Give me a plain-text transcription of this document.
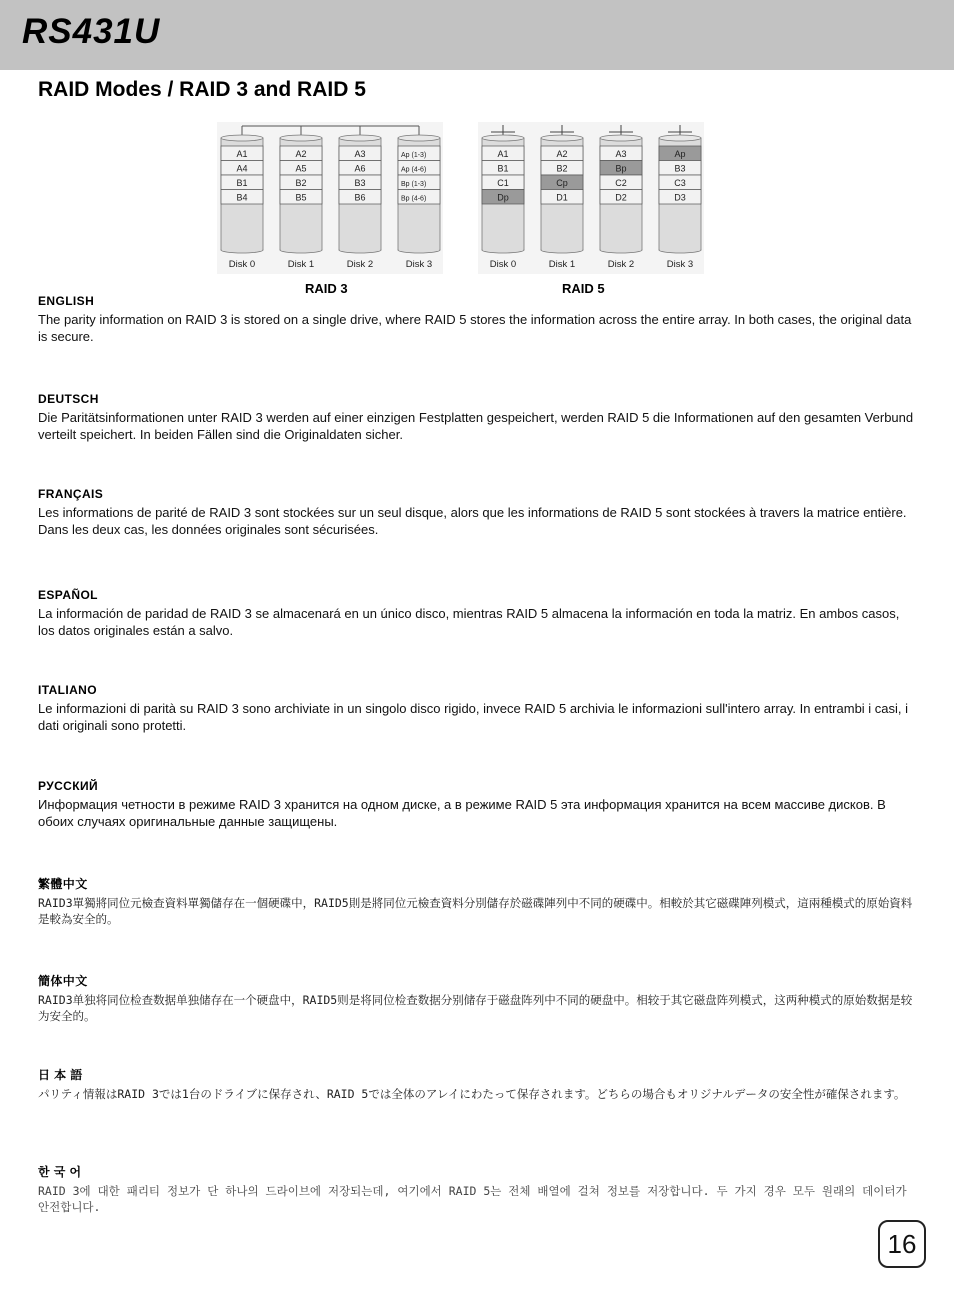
RS431U
RAID Modes / RAID 3 and RAID 5
A1
A4
B1
B4
Disk 0
A2
A5
B2
B5
Disk 1
A3
A6
B3
B6
Disk 2
Ap (1-3)
Ap (4-6)
Bp (1-3)
Bp (4-6)
Disk 3
RAID 3
A1
B1
C1
Dp
Disk 0
A2
B2
Cp
D1
Disk 1
A3
Bp
C2
D2
Disk 2
Ap
B3
C3
D3
Disk 3
RAID 5

ENGLISH

The parity information on RAID 3 is stored on a single drive, where RAID 5 stores the information across the entire array. In both cases, the original data is secure.

DEUTSCH

Die Paritätsinformationen unter RAID 3 werden auf einer einzigen Festplatten gespeichert, werden RAID 5 die Informationen auf den gesamten Verbund verteilt speichert. In beiden Fällen sind die Originaldaten sicher.

FRANÇAIS

Les informations de parité de RAID 3 sont stockées sur un seul disque, alors que les informations de RAID 5 sont stockées à travers la matrice entière. Dans les deux cas, les données originales sont sécurisées.

ESPAÑOL

La información de paridad de RAID 3 se almacenará en un único disco, mientras RAID 5 almacena la información en toda la matriz. En ambos casos, los datos originales están a salvo.

ITALIANO

Le informazioni di parità su RAID 3 sono archiviate in un singolo disco rigido, invece RAID 5 archivia le informazioni sull'intero array. In entrambi i casi, i dati originali sono protetti.

РУССКИЙ

Информация четности в режиме RAID 3 хранится на одном диске, а в режиме RAID 5 эта информация хранится на всем массиве дисков. В обоих случаях оригинальные данные защищены.

繁體中文

RAID3單獨將同位元檢查資料單獨儲存在一個硬碟中，RAID5則是將同位元檢查資料分別儲存於磁碟陣列中不同的硬碟中。相較於其它磁碟陣列模式，這兩種模式的原始資料是較為安全的。

簡体中文

RAID3单独将同位检查数据单独储存在一个硬盘中，RAID5则是将同位检查数据分别储存于磁盘阵列中不同的硬盘中。相较于其它磁盘阵列模式，这两种模式的原始数据是较为安全的。

日 本 語

パリティ情報はRAID 3では1台のドライブに保存され、RAID 5では全体のアレイにわたって保存されます。どちらの場合もオリジナルデータの安全性が確保されます。

한 국 어

RAID 3에 대한 패리티 정보가 단 하나의 드라이브에 저장되는데, 여기에서 RAID 5는 전체 배열에 걸쳐 정보를 저장합니다. 두 가지 경우 모두 원래의 데이터가 안전합니다.

16
